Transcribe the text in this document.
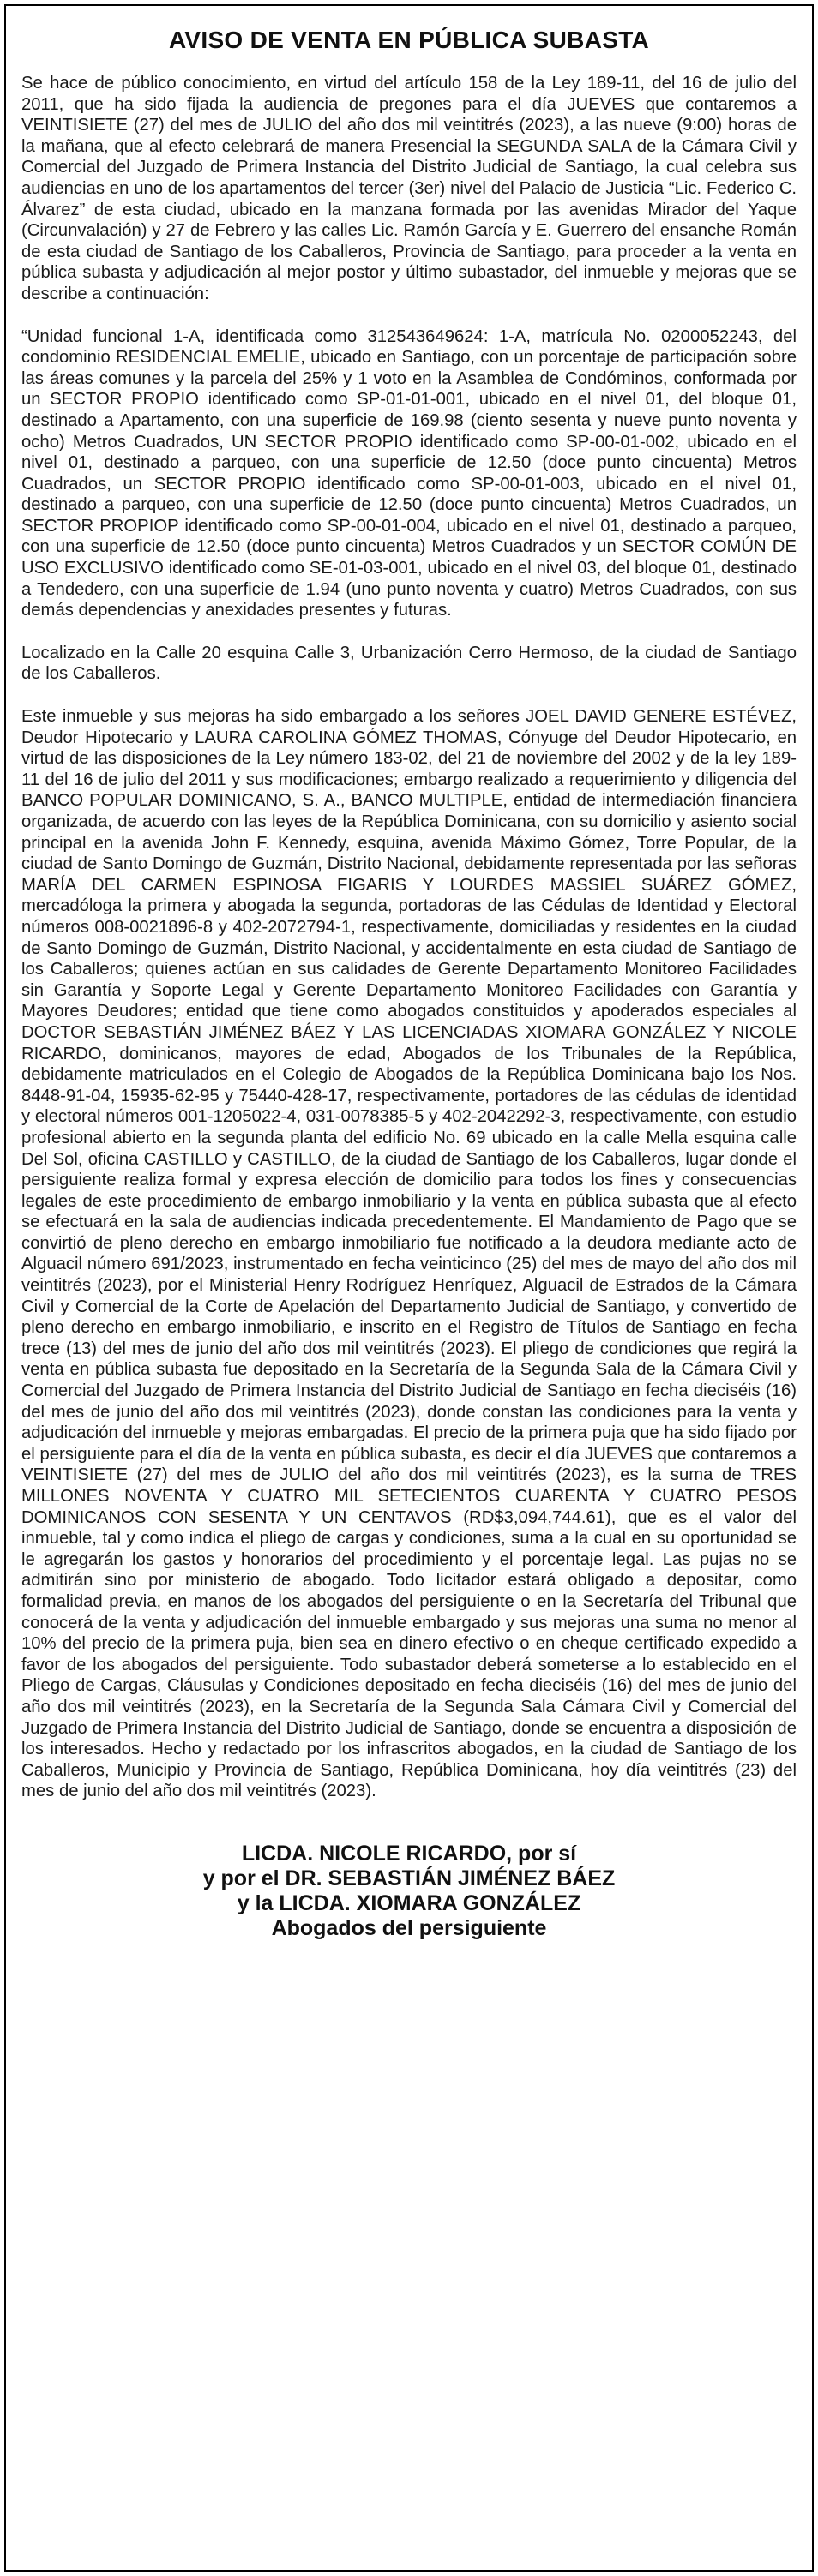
AVISO DE VENTA EN PÚBLICA SUBASTA

Se hace de público conocimiento, en virtud del artículo 158 de la Ley 189-11, del 16 de julio del 2011, que ha sido fijada la audiencia de pregones para el día JUEVES que contaremos a VEINTISIETE (27) del mes de JULIO del año dos mil veintitrés (2023), a las nueve (9:00) horas de la mañana, que al efecto celebrará de manera Presencial la SEGUNDA SALA de la Cámara Civil y Comercial del Juzgado de Primera Instancia del Distrito Judicial de Santiago, la cual celebra sus audiencias en uno de los apartamentos del tercer (3er) nivel del Palacio de Justicia “Lic. Federico C. Álvarez” de esta ciudad, ubicado en la manzana formada por las avenidas Mirador del Yaque (Circunvalación) y 27 de Febrero y las calles Lic. Ramón García y E. Guerrero del ensanche Román de esta ciudad de Santiago de los Caballeros, Provincia de Santiago, para proceder a la venta en pública subasta y adjudicación al mejor postor y último subastador, del inmueble y mejoras que se describe a continuación:

“Unidad funcional 1-A, identificada como 312543649624: 1-A, matrícula No. 0200052243, del condominio RESIDENCIAL EMELIE, ubicado en Santiago, con un porcentaje de participación sobre las áreas comunes y la parcela del 25% y 1 voto en la Asamblea de Condóminos, conformada por un SECTOR PROPIO identificado como SP-01-01-001, ubicado en el nivel 01, del bloque 01, destinado a Apartamento, con una superficie de 169.98 (ciento sesenta y nueve punto noventa y ocho) Metros Cuadrados, UN SECTOR PROPIO identificado como SP-00-01-002, ubicado en el nivel 01, destinado a parqueo, con una superficie de 12.50 (doce punto cincuenta) Metros Cuadrados, un SECTOR PROPIO identificado como SP-00-01-003, ubicado en el nivel 01, destinado a parqueo, con una superficie de 12.50 (doce punto cincuenta) Metros Cuadrados, un SECTOR PROPIOP identificado como SP-00-01-004, ubicado en el nivel 01, destinado a parqueo, con una superficie de 12.50 (doce punto cincuenta) Metros Cuadrados y un SECTOR COMÚN DE USO EXCLUSIVO identificado como SE-01-03-001, ubicado en el nivel 03, del bloque 01, destinado a Tendedero, con una superficie de 1.94 (uno punto noventa y cuatro) Metros Cuadrados, con sus demás dependencias y anexidades presentes y futuras.

Localizado en la Calle 20 esquina Calle 3, Urbanización Cerro Hermoso, de la ciudad de Santiago de los Caballeros.

Este inmueble y sus mejoras ha sido embargado a los señores JOEL DAVID GENERE ESTÉVEZ, Deudor Hipotecario y LAURA CAROLINA GÓMEZ THOMAS, Cónyuge del Deudor Hipotecario, en virtud de las disposiciones de la Ley número 183-02, del 21 de noviembre del 2002 y de la ley 189-11 del 16 de julio del 2011 y sus modificaciones; embargo realizado a requerimiento y diligencia del BANCO POPULAR DOMINICANO, S. A., BANCO MULTIPLE, entidad de intermediación financiera organizada, de acuerdo con las leyes de la República Dominicana, con su domicilio y asiento social principal en la avenida John F. Kennedy, esquina, avenida Máximo Gómez, Torre Popular, de la ciudad de Santo Domingo de Guzmán, Distrito Nacional, debidamente representada por las señoras MARÍA DEL CARMEN ESPINOSA FIGARIS Y LOURDES MASSIEL SUÁREZ GÓMEZ, mercadóloga la primera y abogada la segunda, portadoras de las Cédulas de Identidad y Electoral números 008-0021896-8 y 402-2072794-1, respectivamente, domiciliadas y residentes en la ciudad de Santo Domingo de Guzmán, Distrito Nacional, y accidentalmente en esta ciudad de Santiago de los Caballeros; quienes actúan en sus calidades de Gerente Departamento Monitoreo Facilidades sin Garantía y Soporte Legal y Gerente Departamento Monitoreo Facilidades con Garantía y Mayores Deudores; entidad que tiene como abogados constituidos y apoderados especiales al DOCTOR SEBASTIÁN JIMÉNEZ BÁEZ Y LAS LICENCIADAS XIOMARA GONZÁLEZ Y NICOLE RICARDO, dominicanos, mayores de edad, Abogados de los Tribunales de la República, debidamente matriculados en el Colegio de Abogados de la República Dominicana bajo los Nos. 8448-91-04, 15935-62-95 y 75440-428-17, respectivamente, portadores de las cédulas de identidad y electoral números 001-1205022-4, 031-0078385-5 y 402-2042292-3, respectivamente, con estudio profesional abierto en la segunda planta del edificio No. 69 ubicado en la calle Mella esquina calle Del Sol, oficina CASTILLO y CASTILLO, de la ciudad de Santiago de los Caballeros, lugar donde el persiguiente realiza formal y expresa elección de domicilio para todos los fines y consecuencias legales de este procedimiento de embargo inmobiliario y la venta en pública subasta que al efecto se efectuará en la sala de audiencias indicada precedentemente. El Mandamiento de Pago que se convirtió de pleno derecho en embargo inmobiliario fue notificado a la deudora mediante acto de Alguacil número 691/2023, instrumentado en fecha veinticinco (25) del mes de mayo del año dos mil veintitrés (2023), por el Ministerial Henry Rodríguez Henríquez, Alguacil de Estrados de la Cámara Civil y Comercial de la Corte de Apelación del Departamento Judicial de Santiago, y convertido de pleno derecho en embargo inmobiliario, e inscrito en el Registro de Títulos de Santiago en fecha trece (13) del mes de junio del año dos mil veintitrés (2023). El pliego de condiciones que regirá la venta en pública subasta fue depositado en la Secretaría de la Segunda Sala de la Cámara Civil y Comercial del Juzgado de Primera Instancia del Distrito Judicial de Santiago en fecha dieciséis (16) del mes de junio del año dos mil veintitrés (2023), donde constan las condiciones para la venta y adjudicación del inmueble y mejoras embargadas. El precio de la primera puja que ha sido fijado por el persiguiente para el día de la venta en pública subasta, es decir el día JUEVES que contaremos a VEINTISIETE (27) del mes de JULIO del año dos mil veintitrés (2023), es la suma de TRES MILLONES NOVENTA Y CUATRO MIL SETECIENTOS CUARENTA Y CUATRO PESOS DOMINICANOS CON SESENTA Y UN CENTAVOS (RD$3,094,744.61), que es el valor del inmueble, tal y como indica el pliego de cargas y condiciones, suma a la cual en su oportunidad se le agregarán los gastos y honorarios del procedimiento y el porcentaje legal. Las pujas no se admitirán sino por ministerio de abogado. Todo licitador estará obligado a depositar, como formalidad previa, en manos de los abogados del persiguiente o en la Secretaría del Tribunal que conocerá de la venta y adjudicación del inmueble embargado y sus mejoras una suma no menor al 10% del precio de la primera puja, bien sea en dinero efectivo o en cheque certificado expedido a favor de los abogados del persiguiente. Todo subastador deberá someterse a lo establecido en el Pliego de Cargas, Cláusulas y Condiciones depositado en fecha dieciséis (16) del mes de junio del año dos mil veintitrés (2023), en la Secretaría de la Segunda Sala Cámara Civil y Comercial del Juzgado de Primera Instancia del Distrito Judicial de Santiago, donde se encuentra a disposición de los interesados. Hecho y redactado por los infrascritos abogados, en la ciudad de Santiago de los Caballeros, Municipio y Provincia de Santiago, República Dominicana, hoy día veintitrés (23) del mes de junio del año dos mil veintitrés (2023).

LICDA. NICOLE RICARDO, por sí
y por el DR. SEBASTIÁN JIMÉNEZ BÁEZ
y la LICDA. XIOMARA GONZÁLEZ
Abogados del persiguiente
